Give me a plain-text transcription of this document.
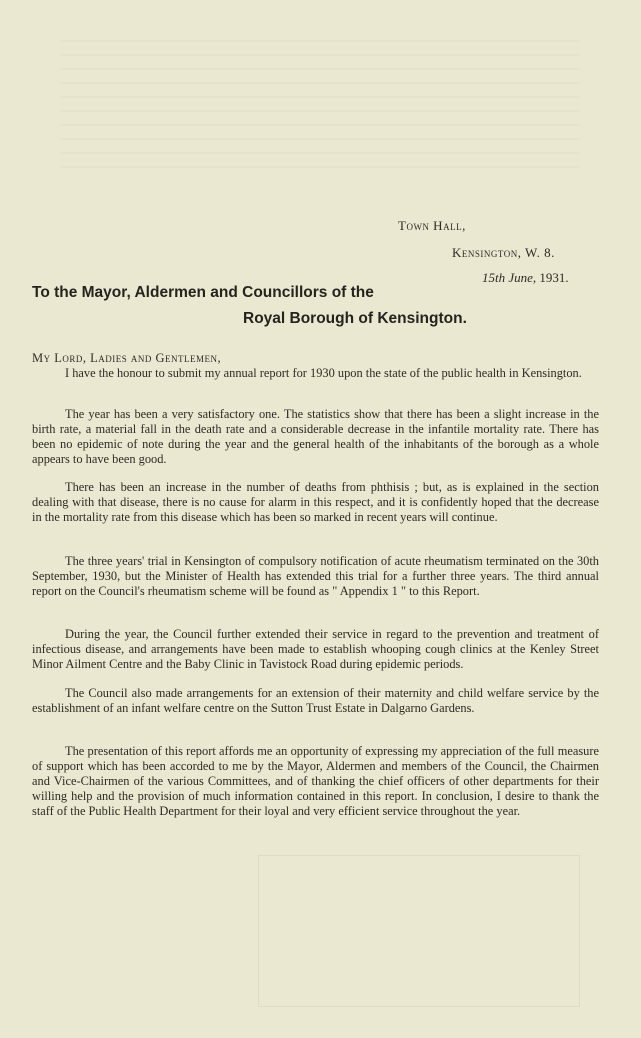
Town Hall,
Kensington, W. 8.
15th June, 1931.
To the Mayor, Aldermen and Councillors of the
Royal Borough of Kensington.
My Lord, Ladies and Gentlemen,

I have the honour to submit my annual report for 1930 upon the state of the public health in Kensington.

The year has been a very satisfactory one. The statistics show that there has been a slight increase in the birth rate, a material fall in the death rate and a considerable decrease in the infantile mortality rate. There has been no epidemic of note during the year and the general health of the inhabitants of the borough as a whole appears to have been good.

There has been an increase in the number of deaths from phthisis ; but, as is explained in the section dealing with that disease, there is no cause for alarm in this respect, and it is confidently hoped that the decrease in the mortality rate from this disease which has been so marked in recent years will continue.

The three years' trial in Kensington of compulsory notification of acute rheumatism terminated on the 30th September, 1930, but the Minister of Health has extended this trial for a further three years. The third annual report on the Council's rheumatism scheme will be found as " Appendix 1 " to this Report.

During the year, the Council further extended their service in regard to the prevention and treatment of infectious disease, and arrangements have been made to establish whooping cough clinics at the Kenley Street Minor Ailment Centre and the Baby Clinic in Tavistock Road during epidemic periods.

The Council also made arrangements for an extension of their maternity and child welfare service by the establishment of an infant welfare centre on the Sutton Trust Estate in Dalgarno Gardens.

The presentation of this report affords me an opportunity of expressing my appreciation of the full measure of support which has been accorded to me by the Mayor, Aldermen and members of the Council, the Chairmen and Vice-Chairmen of the various Committees, and of thanking the chief officers of other departments for their willing help and the provision of much information contained in this report. In conclusion, I desire to thank the staff of the Public Health Department for their loyal and very efficient service throughout the year.
